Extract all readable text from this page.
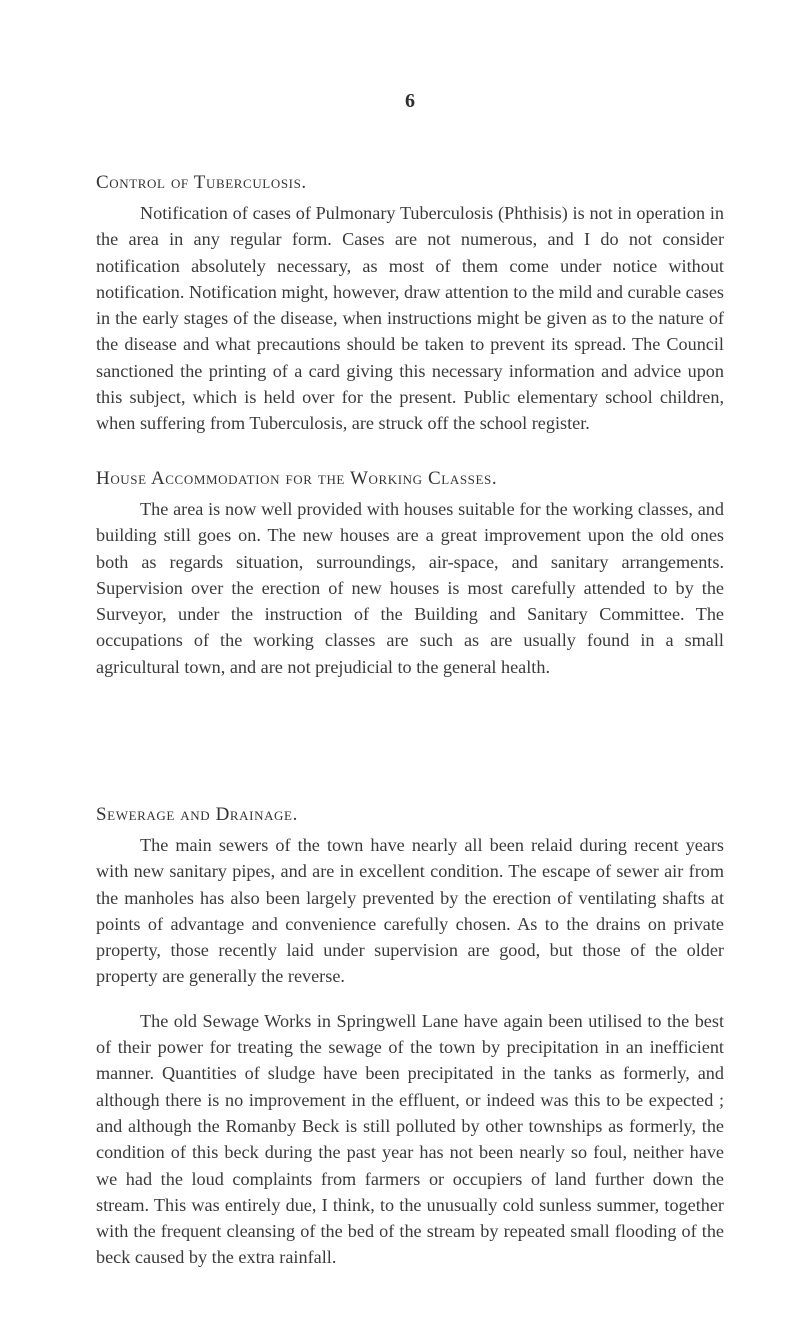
6
Control of Tuberculosis.

Notification of cases of Pulmonary Tuberculosis (Phthisis) is not in operation in the area in any regular form. Cases are not numerous, and I do not consider notification absolutely necessary, as most of them come under notice without notification. Notification might, however, draw attention to the mild and curable cases in the early stages of the disease, when instructions might be given as to the nature of the disease and what precautions should be taken to prevent its spread. The Council sanctioned the printing of a card giving this necessary information and advice upon this subject, which is held over for the present. Public elementary school children, when suffering from Tuberculosis, are struck off the school register.

House Accommodation for the Working Classes.

The area is now well provided with houses suitable for the working classes, and building still goes on. The new houses are a great improvement upon the old ones both as regards situation, surroundings, air-space, and sanitary arrangements. Supervision over the erection of new houses is most carefully attended to by the Surveyor, under the instruction of the Building and Sanitary Committee. The occupations of the working classes are such as are usually found in a small agricultural town, and are not prejudicial to the general health.

Sewerage and Drainage.

The main sewers of the town have nearly all been relaid during recent years with new sanitary pipes, and are in excellent condition. The escape of sewer air from the manholes has also been largely prevented by the erection of ventilating shafts at points of advantage and convenience carefully chosen. As to the drains on private property, those recently laid under supervision are good, but those of the older property are generally the reverse.

The old Sewage Works in Springwell Lane have again been utilised to the best of their power for treating the sewage of the town by precipitation in an inefficient manner. Quantities of sludge have been precipitated in the tanks as formerly, and although there is no improvement in the effluent, or indeed was this to be expected ; and although the Romanby Beck is still polluted by other townships as formerly, the condition of this beck during the past year has not been nearly so foul, neither have we had the loud complaints from farmers or occupiers of land further down the stream. This was entirely due, I think, to the unusually cold sunless summer, together with the frequent cleansing of the bed of the stream by repeated small flooding of the beck caused by the extra rainfall.
